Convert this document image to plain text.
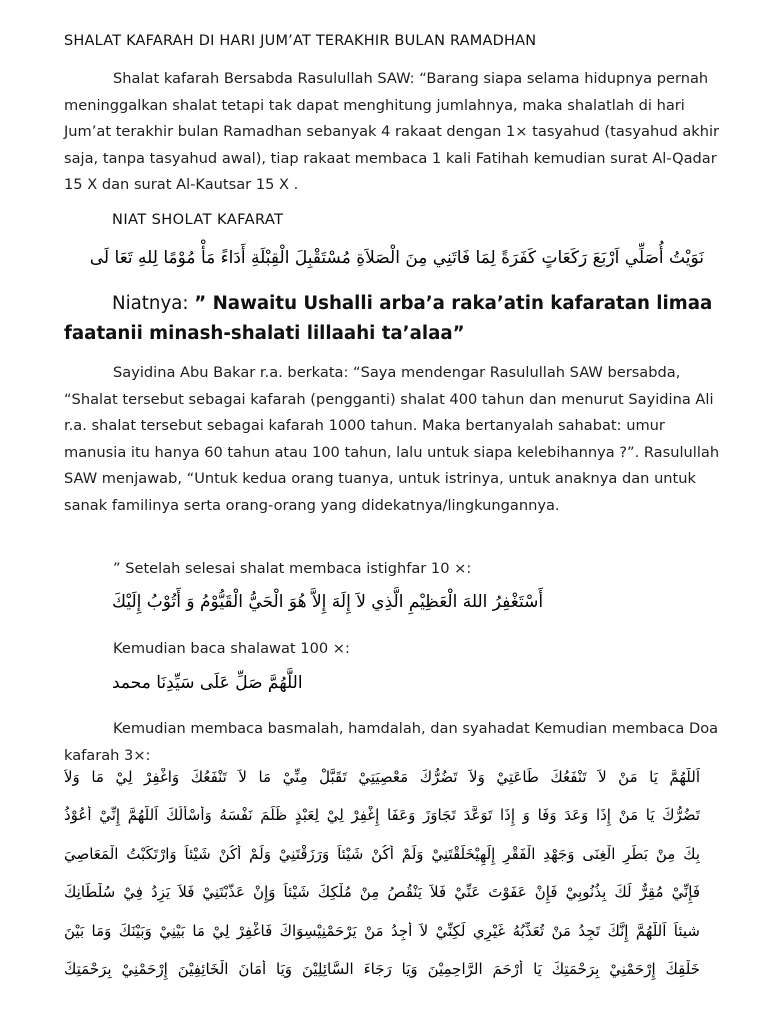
SHALAT KAFARAH DI HARI JUM’AT TERAKHIR BULAN RAMADHAN
Shalat kafarah Bersabda Rasulullah SAW: “Barang siapa selama hidupnya pernah meninggalkan shalat tetapi tak dapat menghitung jumlahnya, maka shalatlah di hari Jum’at terakhir bulan Ramadhan sebanyak 4 rakaat dengan 1× tasyahud (tasyahud akhir saja, tanpa tasyahud awal), tiap rakaat membaca 1 kali Fatihah kemudian surat Al-Qadar 15 X dan surat Al-Kautsar 15 X .
NIAT SHOLAT KAFARAT
نَوَيْتُ أُصَلِّي اَرْبَعَ رَكَعَاتٍ كَفَرَةً لِمَا فَاتَنِي مِنَ الْصَلاَةِ مُسْتَقْبِلَ الْقِبْلَةِ أَدَاءً مَأْ مُوْمًا لِلهِ تَعَا لَى
Niatnya: ” Nawaitu Ushalli arba’a raka’atin kafaratan limaa faatanii minash-shalati lillaahi ta’alaa”
Sayidina Abu Bakar r.a. berkata: “Saya mendengar Rasulullah SAW bersabda, “Shalat tersebut sebagai kafarah (pengganti) shalat 400 tahun dan menurut Sayidina Ali r.a. shalat tersebut sebagai kafarah 1000 tahun. Maka bertanyalah sahabat: umur manusia itu hanya 60 tahun atau 100 tahun, lalu untuk siapa kelebihannya ?”. Rasulullah SAW menjawab, “Untuk kedua orang tuanya, untuk istrinya, untuk anaknya dan untuk sanak familinya serta orang-orang yang didekatnya/lingkungannya.
” Setelah selesai shalat membaca istighfar 10 ×:
أَسْتَغْفِرُ اللهَ الْعَظِيْمِ الَّذِي لاَ إِلَهَ إِلاَّ هُوَ الْحَيُّ الْقَيُّوْمُ وَ أَتُوْبُ إِلَيْكَ
Kemudian baca shalawat 100 ×:
اللَّهُمَّ صَلِّ عَلَى سَيِّدِنَا محمد
Kemudian membaca basmalah, hamdalah, dan syahadat Kemudian membaca Doa kafarah 3×:
اَللَّهُمَّ يَا مَنْ لاَ تَنْفَعُكَ طَاعَتِيْ وَلاَ تَضُرُّكَ مَعْصِيَتِيْ تَقَبَّلْ مِنِّيْ مَا لاَ تَنْفَعُكَ وَاغْفِرْ لِيْ مَا وَلاَ
تَضُرُّكَ يَا مَنْ إِذَا وَعَدَ وَفَا وَ إِذَا تَوَعَّدَ تَجَاوَزَ وَعَفَا إِغْفِرْ لِيْ لِعَبْدٍ ظَلَمَ نَفْسَهُ وَأَسْأَلُكَ اَللَّهُمَّ إِنِّيْ أَعُوْذُ
بِكَ مِنْ بَطَرِ الْغِنَى وَجَهْدِ الْفَقْرِ إِلَهِيْخَلَقْتَنِيْ وَلَمْ أَكُنْ شَيْئاً وَرَزَقْتَنِيْ وَلَمْ أَكُنْ شَيْئاً وَارْتَكَبْتُ الْمَعَاصِيَ
فَإِنِّيْ مُقِرٌّ لَكَ بِذُنُوبِيْ فَإِنْ عَفَوْتَ عَنِّيْ فَلاَ يَنْقُصُ مِنْ مُلْكِكَ شَيْئاً وَإِنْ عَذَّبْتَنِيْ فَلاَ يَزِدُ فِيْ سُلْطَانِكَ
شيئاً اَللَّهُمَّ إِنَّكَ تَجِدُ مَنْ تُعَذِّبُهُ غَيْرِي لَكِنِّيْ لاَ أَجِدُ مَنْ يَرْحَمْنِيْسِوَاكَ فَاغْفِرْ لِيْ مَا بَيْنِيْ وَبَيْنَكَ وَمَا بَيْنَ
خَلْقِكَ إِرْحَمْنِيْ بِرَحْمَتِكَ يَا أَرْحَمَ الرَّاحِمِيْنَ وَيَا رَجَاءَ السَّائِلِيْنَ وَيَا أَمَانَ الْخَائِفِيْنَ إِرْحَمْنِيْ بِرَحْمَتِكَ
